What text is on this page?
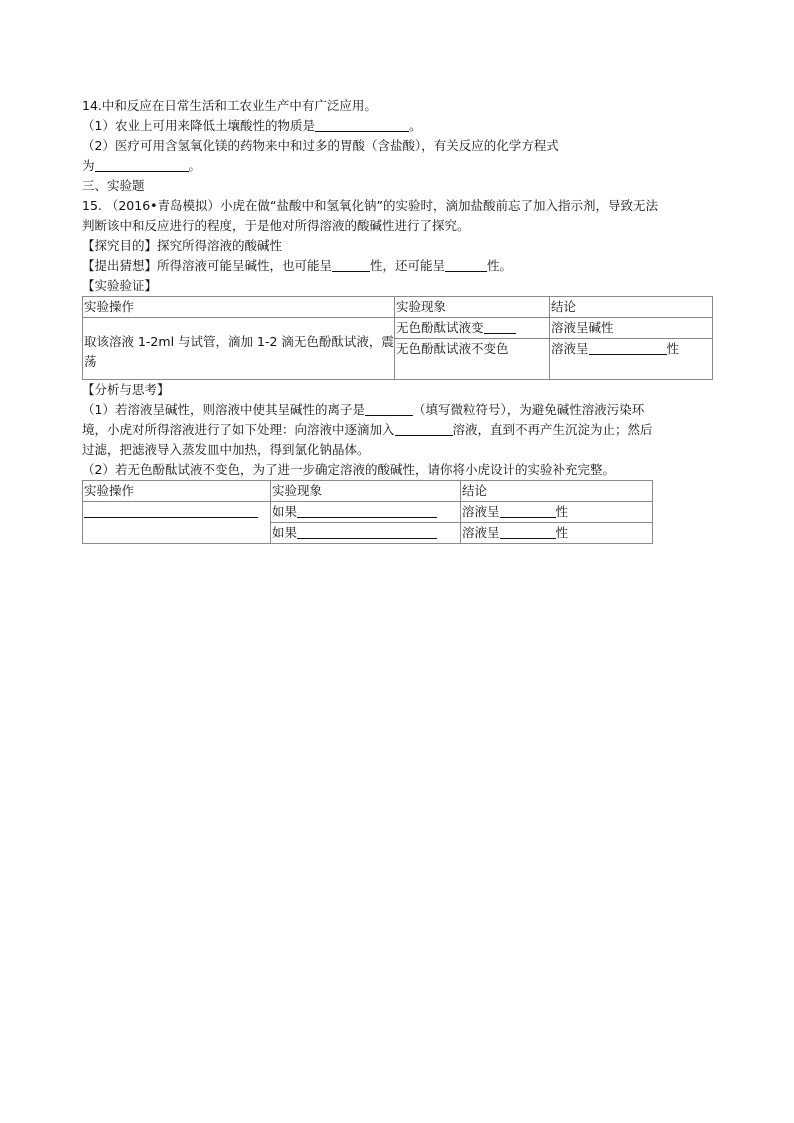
14.中和反应在日常生活和工农业生产中有广泛应用。
（1）农业上可用来降低土壤酸性的物质是	。
（2）医疗可用含氢氧化镁的药物来中和过多的胃酸（含盐酸），有关反应的化学方程式
为	。
三、实验题
15. （2016•青岛模拟）小虎在做“盐酸中和氢氧化钠”的实验时，滴加盐酸前忘了加入指示剂，导致无法
判断该中和反应进行的程度，于是他对所得溶液的酸碱性进行了探究。
【探究目的】探究所得溶液的酸碱性
【提出猜想】所得溶液可能呈碱性，也可能呈	性，还可能呈	性。
【实验验证】
实验操作	实验现象	结论
取该溶液 1-2ml 与试管，滴加 1-2 滴无色酚酞试液，震荡	无色酚酞试液变	溶液呈碱性
	无色酚酞试液不变色	溶液呈 性
【分析与思考】
（1）若溶液呈碱性，则溶液中使其呈碱性的离子是	（填写微粒符号），为避免碱性溶液污染环
境，小虎对所得溶液进行了如下处理：向溶液中逐滴加入	溶液，直到不再产生沉淀为止；然后
过滤，把滤液导入蒸发皿中加热，得到氯化钠晶体。
（2）若无色酚酞试液不变色，为了进一步确定溶液的酸碱性，请你将小虎设计的实验补充完整。
实验操作	实验现象	结论
	如果	溶液呈 性
	如果	溶液呈 性
